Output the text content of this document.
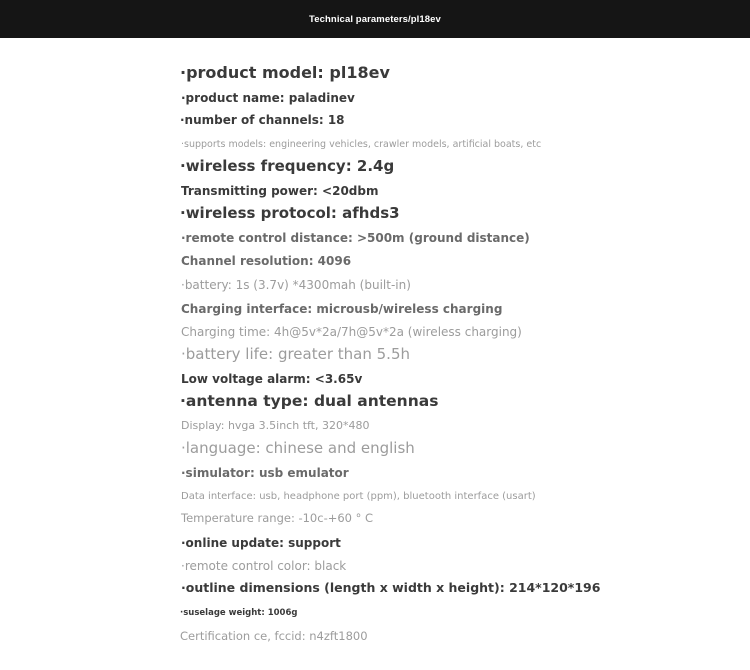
Technical parameters/pl18ev
·product model: pl18ev
·product name: paladinev
·number of channels: 18
·supports models: engineering vehicles, crawler models, artificial boats, etc
·wireless frequency: 2.4g
Transmitting power: <20dbm
·wireless protocol: afhds3
·remote control distance: >500m (ground distance)
Channel resolution: 4096
·battery: 1s (3.7v) *4300mah (built-in)
Charging interface: microusb/wireless charging
Charging time: 4h@5v*2a/7h@5v*2a (wireless charging)
·battery life: greater than 5.5h
Low voltage alarm: <3.65v
·antenna type: dual antennas
Display: hvga 3.5inch tft, 320*480
·language: chinese and english
·simulator: usb emulator
Data interface: usb, headphone port (ppm), bluetooth interface (usart)
Temperature range: -10c-+60 ° C
·online update: support
·remote control color: black
·outline dimensions (length x width x height): 214*120*196
·suselage weight: 1006g
Certification ce, fccid: n4zft1800
